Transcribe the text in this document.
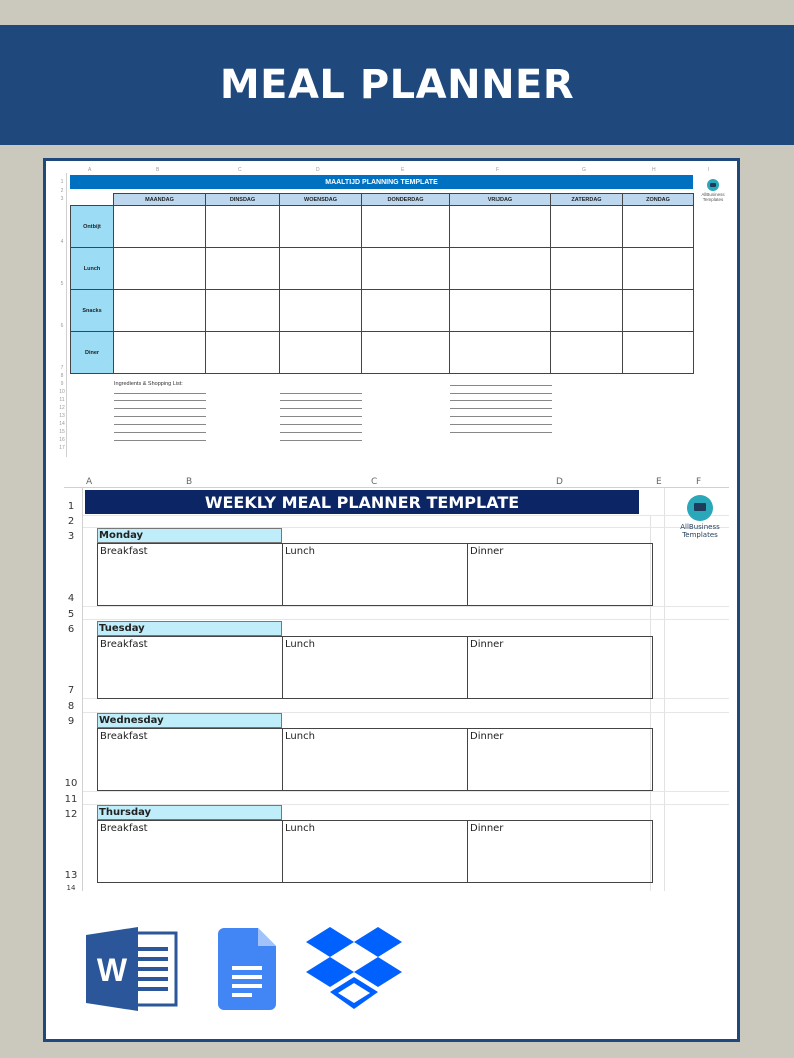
MEAL PLANNER
A	B	C	D	E	F	G	H	I
1
2
3
4
5
6
7
8
9
10
11
12
13
14
15
16
17
MAALTIJD PLANNING TEMPLATE
AllBusiness Templates
	MAANDAG	DINSDAG	WOENSDAG	DONDERDAG	VRIJDAG	ZATERDAG	ZONDAG
Ontbijt							
Lunch							
Snacks							
Diner							
Ingredients & Shopping List:
A	B	C	D	E	F
1
2
3
4
5
6
7
8
9
10
11
12
13
14
WEEKLY MEAL PLANNER TEMPLATE
AllBusiness
Templates
Monday
Breakfast	Lunch	Dinner
Tuesday
Breakfast	Lunch	Dinner
Wednesday
Breakfast	Lunch	Dinner
Thursday
Breakfast	Lunch	Dinner
W
